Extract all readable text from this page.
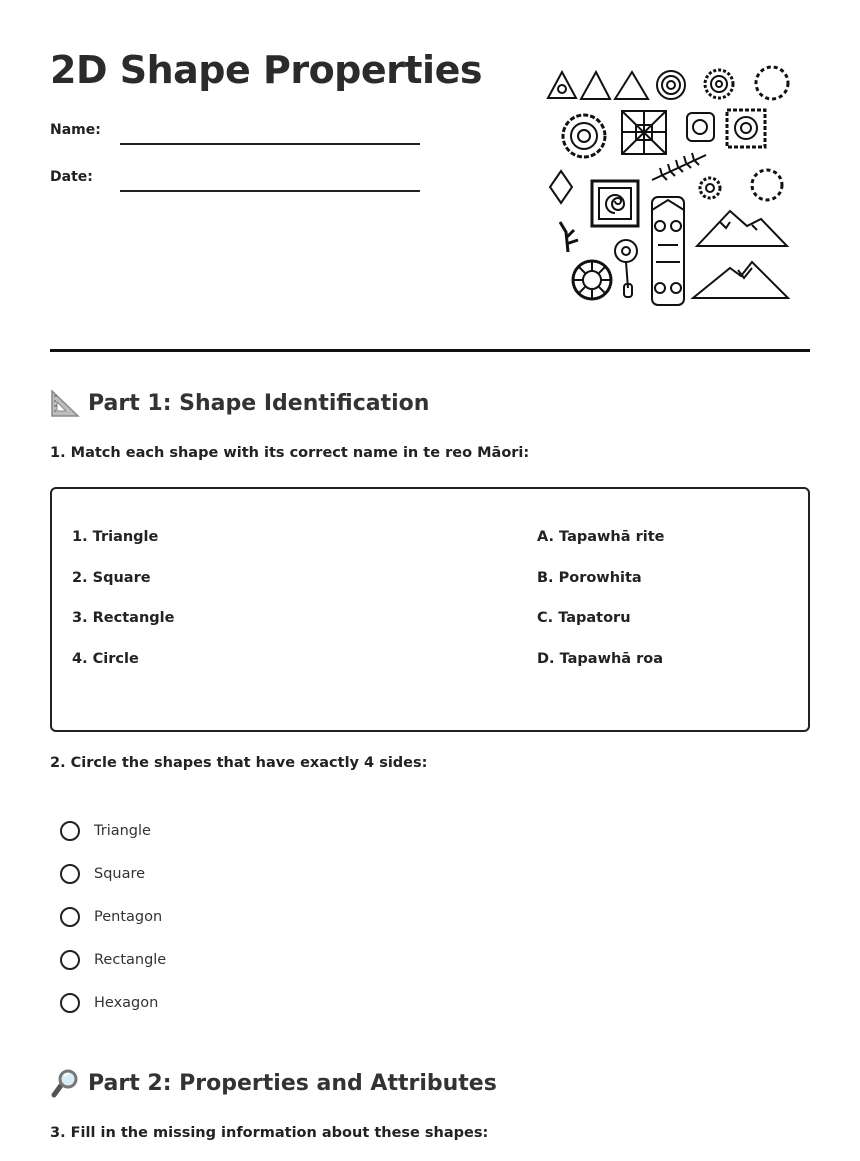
2D Shape Properties
Name:
Date:
Part 1: Shape Identification
1. Match each shape with its correct name in te reo Māori:
1. Triangle
2. Square
3. Rectangle
4. Circle
A. Tapawhā rite
B. Porowhita
C. Tapatoru
D. Tapawhā roa
2. Circle the shapes that have exactly 4 sides:
Triangle
Square
Pentagon
Rectangle
Hexagon
Part 2: Properties and Attributes
3. Fill in the missing information about these shapes:
